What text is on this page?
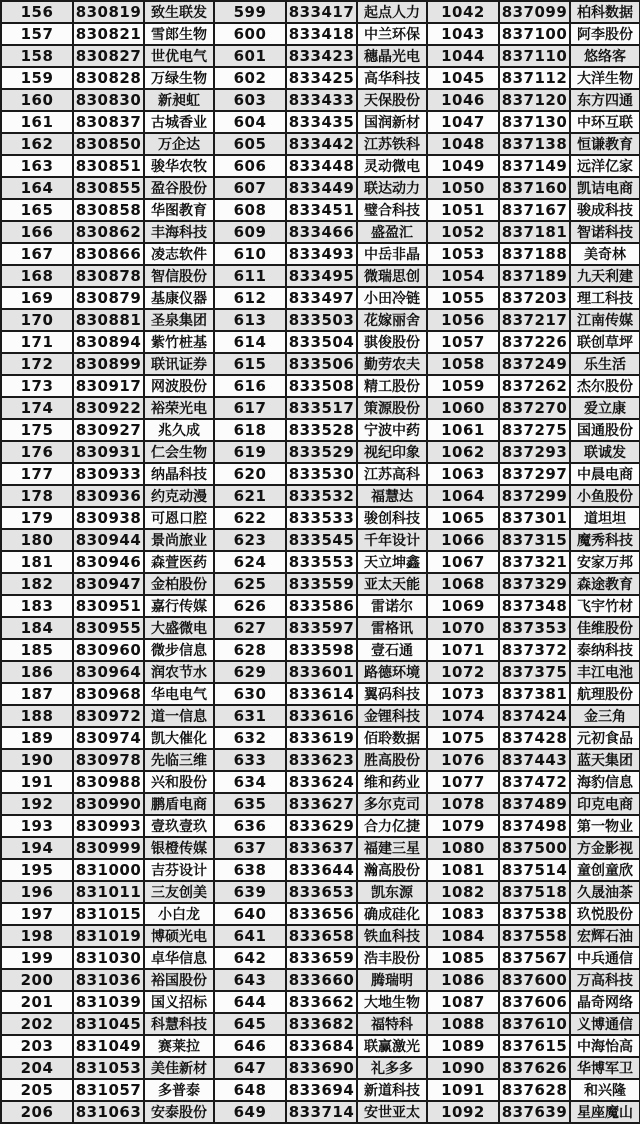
156	830819	致生联发	599	833417	起点人力	1042	837099	柏科数据
157	830821	雪郎生物	600	833418	中兰环保	1043	837100	阿李股份
158	830827	世优电气	601	833423	穗晶光电	1044	837110	悠络客
159	830828	万绿生物	602	833425	高华科技	1045	837112	大洋生物
160	830830	新昶虹	603	833433	天保股份	1046	837120	东方四通
161	830837	古城香业	604	833435	国润新材	1047	837130	中环互联
162	830850	万企达	605	833442	江苏铁科	1048	837138	恒谦教育
163	830851	骏华农牧	606	833448	灵动微电	1049	837149	远洋亿家
164	830855	盈谷股份	607	833449	联达动力	1050	837160	凯诘电商
165	830858	华图教育	608	833451	璧合科技	1051	837167	骏成科技
166	830862	丰海科技	609	833466	盛盈汇	1052	837181	智诺科技
167	830866	凌志软件	610	833493	中岳非晶	1053	837188	美奇林
168	830878	智信股份	611	833495	微瑞思创	1054	837189	九天利建
169	830879	基康仪器	612	833497	小田冷链	1055	837203	理工科技
170	830881	圣泉集团	613	833503	花嫁丽舍	1056	837217	江南传媒
171	830894	紫竹桩基	614	833504	骐俊股份	1057	837226	联创草坪
172	830899	联讯证券	615	833506	勤劳农夫	1058	837249	乐生活
173	830917	网波股份	616	833508	精工股份	1059	837262	杰尔股份
174	830922	裕荣光电	617	833517	策源股份	1060	837270	爱立康
175	830927	兆久成	618	833528	宁波中药	1061	837275	国通股份
176	830931	仁会生物	619	833529	视纪印象	1062	837293	联诚发
177	830933	纳晶科技	620	833530	江苏高科	1063	837297	中晨电商
178	830936	约克动漫	621	833532	福慧达	1064	837299	小鱼股份
179	830938	可恩口腔	622	833533	骏创科技	1065	837301	道坦坦
180	830944	景尚旅业	623	833545	千年设计	1066	837315	魔秀科技
181	830946	森萱医药	624	833553	天立坤鑫	1067	837321	安家万邦
182	830947	金柏股份	625	833559	亚太天能	1068	837329	森途教育
183	830951	嘉行传媒	626	833586	雷诺尔	1069	837348	飞宇竹材
184	830955	大盛微电	627	833597	雷格讯	1070	837353	佳维股份
185	830960	微步信息	628	833598	壹石通	1071	837372	泰纳科技
186	830964	润农节水	629	833601	路德环境	1072	837375	丰江电池
187	830968	华电电气	630	833614	翼码科技	1073	837381	航理股份
188	830972	道一信息	631	833616	金锂科技	1074	837424	金三角
189	830974	凯大催化	632	833619	佰聆数据	1075	837428	元初食品
190	830978	先临三维	633	833623	胜高股份	1076	837443	蓝天集团
191	830988	兴和股份	634	833624	维和药业	1077	837472	海豹信息
192	830990	鹏盾电商	635	833627	多尔克司	1078	837489	印克电商
193	830993	壹玖壹玖	636	833629	合力亿捷	1079	837498	第一物业
194	830999	银橙传媒	637	833637	福建三星	1080	837500	方金影视
195	831000	吉芬设计	638	833644	瀚高股份	1081	837514	童创童欣
196	831011	三友创美	639	833653	凯东源	1082	837518	久晟油茶
197	831015	小白龙	640	833656	确成硅化	1083	837538	玖悦股份
198	831019	博硕光电	641	833658	铁血科技	1084	837558	宏辉石油
199	831030	卓华信息	642	833659	浩丰股份	1085	837567	中兵通信
200	831036	裕国股份	643	833660	腾瑞明	1086	837600	万高科技
201	831039	国义招标	644	833662	大地生物	1087	837606	晶奇网络
202	831045	科慧科技	645	833682	福特科	1088	837610	义博通信
203	831049	赛莱拉	646	833684	联赢激光	1089	837615	中海怡高
204	831053	美佳新材	647	833690	礼多多	1090	837626	华博军卫
205	831057	多普泰	648	833694	新道科技	1091	837628	和兴隆
206	831063	安泰股份	649	833714	安世亚太	1092	837639	星座魔山
